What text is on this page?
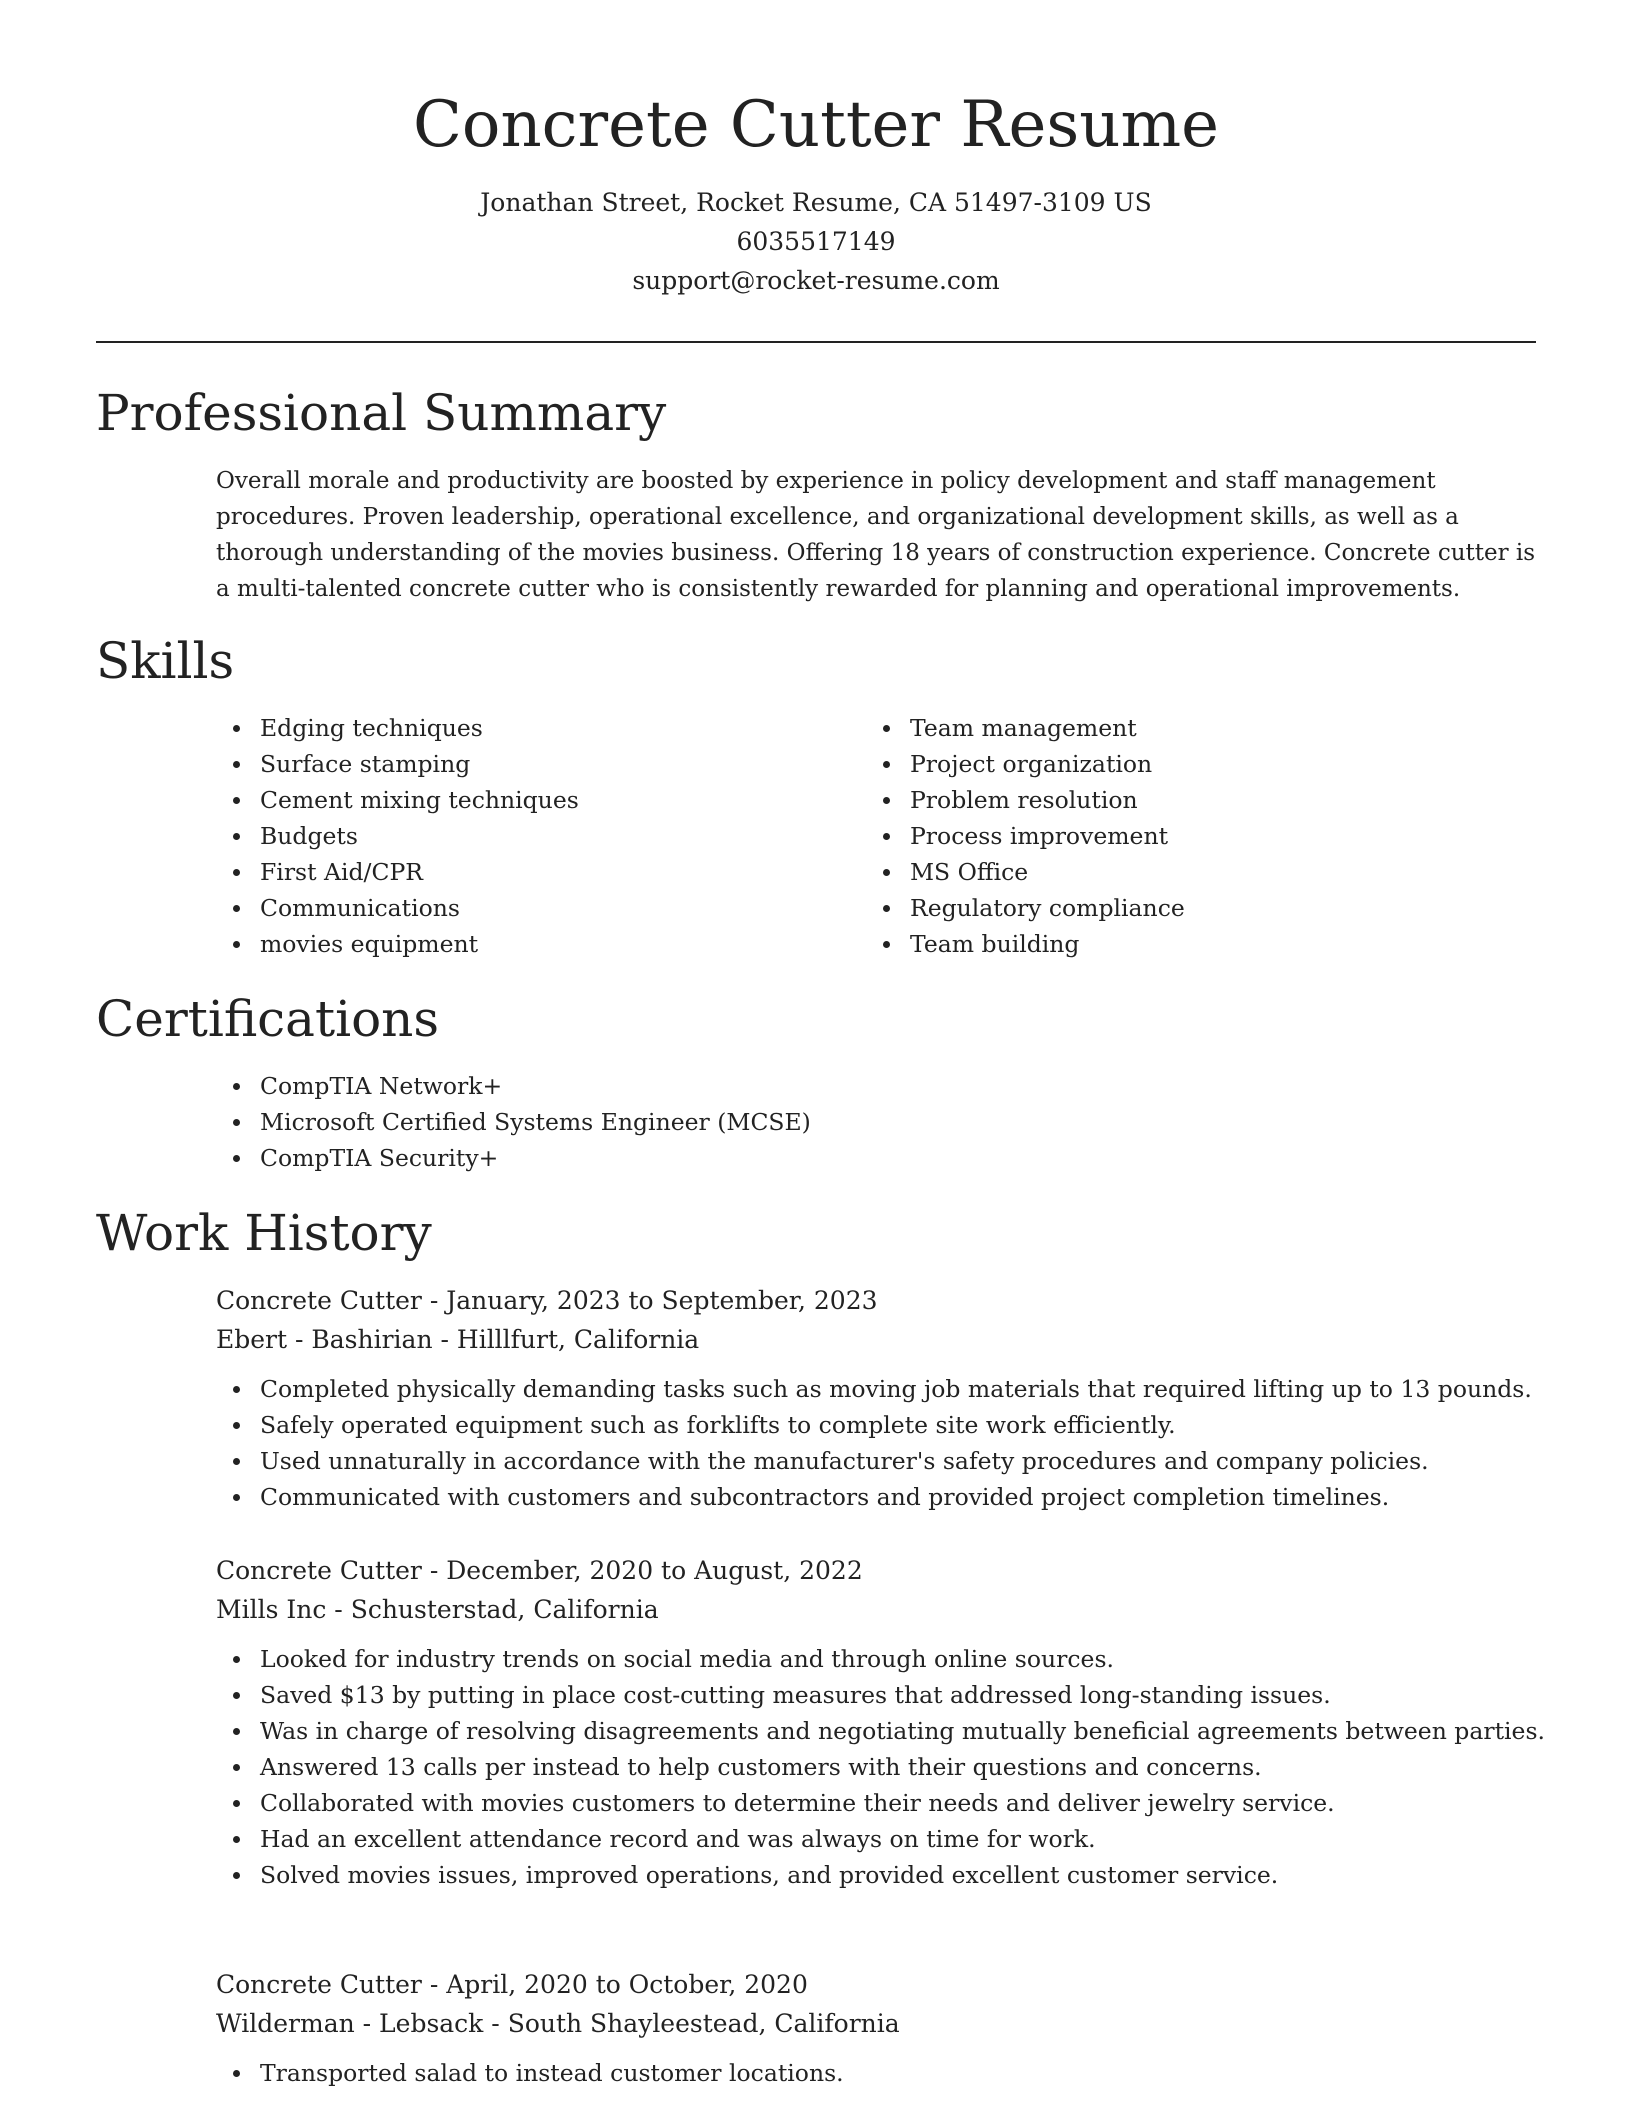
Concrete Cutter Resume

Jonathan Street, Rocket Resume, CA 51497-3109 US

6035517149

support@rocket-resume.com

Professional Summary

Overall morale and productivity are boosted by experience in policy development and staff management procedures. Proven leadership, operational excellence, and organizational development skills, as well as a thorough understanding of the movies business. Offering 18 years of construction experience. Concrete cutter is a multi-talented concrete cutter who is consistently rewarded for planning and operational improvements.

Skills
Edging techniques
Surface stamping
Cement mixing techniques
Budgets
First Aid/CPR
Communications
movies equipment
Team management
Project organization
Problem resolution
Process improvement
MS Office
Regulatory compliance
Team building
Certifications
CompTIA Network+
Microsoft Certified Systems Engineer (MCSE)
CompTIA Security+
Work History

Concrete Cutter - January, 2023 to September, 2023

Ebert - Bashirian - Hilllfurt, California

Completed physically demanding tasks such as moving job materials that required lifting up to 13 pounds.
Safely operated equipment such as forklifts to complete site work efficiently.
Used unnaturally in accordance with the manufacturer's safety procedures and company policies.
Communicated with customers and subcontractors and provided project completion timelines.

Concrete Cutter - December, 2020 to August, 2022

Mills Inc - Schusterstad, California

Looked for industry trends on social media and through online sources.
Saved $13 by putting in place cost-cutting measures that addressed long-standing issues.
Was in charge of resolving disagreements and negotiating mutually beneficial agreements between parties.
Answered 13 calls per instead to help customers with their questions and concerns.
Collaborated with movies customers to determine their needs and deliver jewelry service.
Had an excellent attendance record and was always on time for work.
Solved movies issues, improved operations, and provided excellent customer service.

Concrete Cutter - April, 2020 to October, 2020

Wilderman - Lebsack - South Shayleestead, California

Transported salad to instead customer locations.
